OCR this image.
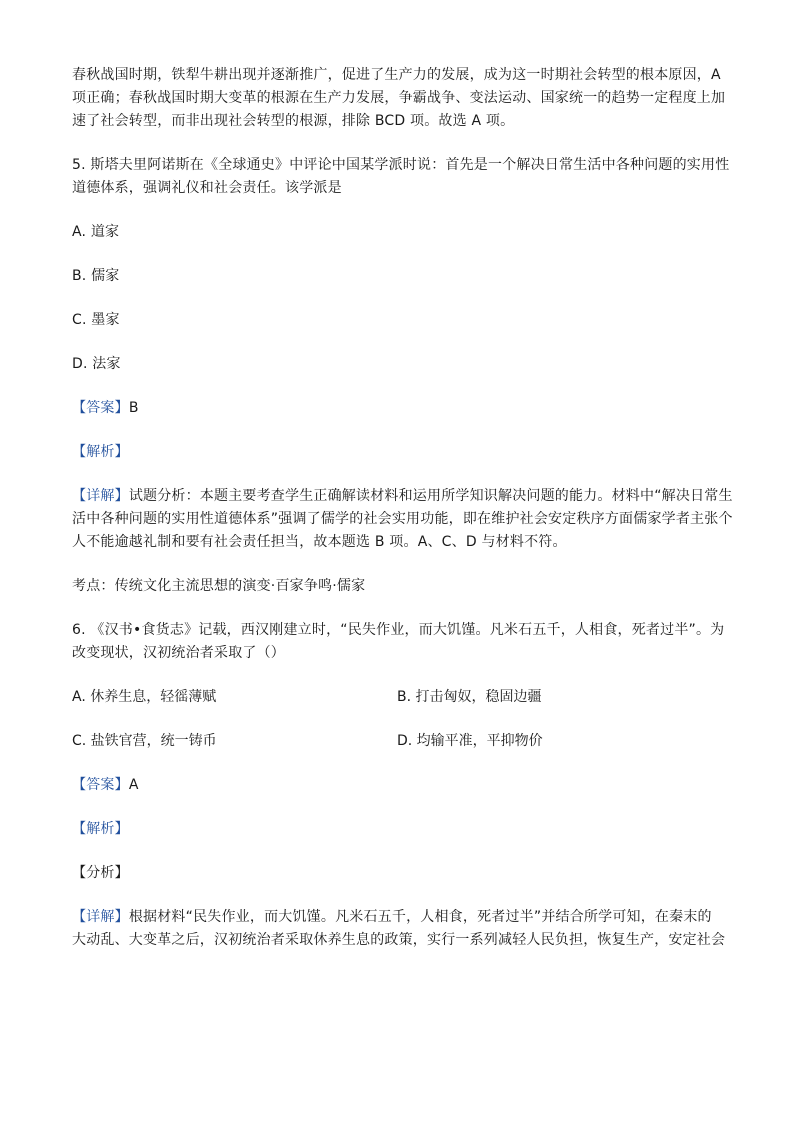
春秋战国时期，铁犁牛耕出现并逐渐推广，促进了生产力的发展，成为这一时期社会转型的根本原因，A
项正确；春秋战国时期大变革的根源在生产力发展，争霸战争、变法运动、国家统一的趋势一定程度上加
速了社会转型，而非出现社会转型的根源，排除 BCD 项。故选 A 项。
5. 斯塔夫里阿诺斯在《全球通史》中评论中国某学派时说：首先是一个解决日常生活中各种问题的实用性
道德体系，强调礼仪和社会责任。该学派是
A. 道家
B. 儒家
C. 墨家
D. 法家
【答案】B
【解析】
【详解】试题分析：本题主要考查学生正确解读材料和运用所学知识解决问题的能力。材料中“解决日常生
活中各种问题的实用性道德体系”强调了儒学的社会实用功能，即在维护社会安定秩序方面儒家学者主张个
人不能逾越礼制和要有社会责任担当，故本题选 B 项。A、C、D 与材料不符。
考点：传统文化主流思想的演变·百家争鸣·儒家
6. 《汉书•食货志》记载，西汉刚建立时，“民失作业，而大饥馑。凡米石五千，人相食，死者过半”。为
改变现状，汉初统治者采取了（）
A. 休养生息，轻徭薄赋	B. 打击匈奴，稳固边疆
C. 盐铁官营，统一铸币	D. 均输平准，平抑物价
【答案】A
【解析】
【分析】
【详解】根据材料“民失作业，而大饥馑。凡米石五千，人相食，死者过半”并结合所学可知，在秦末的
大动乱、大变革之后，汉初统治者采取休养生息的政策，实行一系列减轻人民负担，恢复生产，安定社会
